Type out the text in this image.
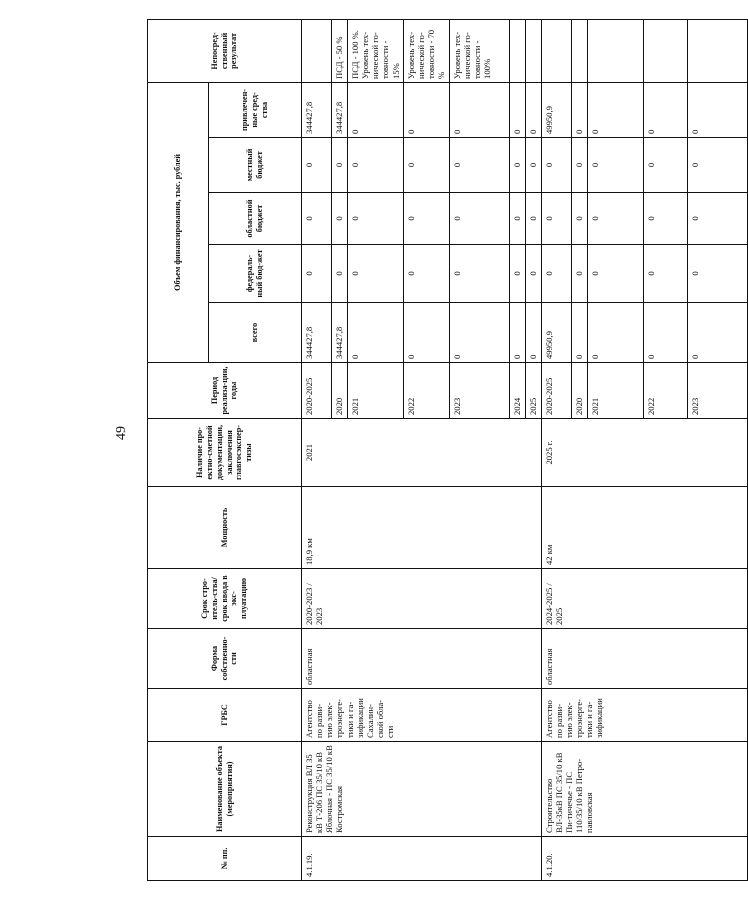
49
№ пп.	Наименование объекта (мероприятия)	ГРБС	Форма собственно-сти	Срок стро-итель-ства/срок ввода в экс-плуатацию	Мощность	Наличие про-ектно-сметной документации, заключения главгосэкспер-тизы	Период реализа-ции, годы	Объем финансирования, тыс. рублей					Непосред-ственный результат
								всего	федераль-ный бюд-жет	областной бюджет	местный бюджет	привлечен-ные сред-ства	
4.1.19.	Реконструкция ВЛ 35 кВ Т-206 ПС 35/10 кВ Яблочная - ПС 35/10 кВ Костромская	Агентство по разви-тию элек-троэнерге-тики и га-зификации Сахалин-ской обла-сти	областная	2020-2023 / 2023	18,9 км	2021	2020-2025	344427,8	0	0	0	344427,8	
							2020	344427,8	0	0	0	344427,8	ПСД - 50 %
							2021	0	0	0	0	0	ПСД - 100 %. Уровень тех-нической го-товности - 15%
							2022	0	0	0	0	0	Уровень тех-нической го-товности - 70 %
							2023	0	0	0	0	0	Уровень тех-нической го-товности - 100%
							2024	0	0	0	0	0	
							2025	0	0	0	0	0	
4.1.20.	Строительство ВЛ-35кВ ПС 35/10 кВ Пи-тичечье - ПС 110/35/10 кВ Петро-павловская	Агентство по разви-тию элек-троэнерге-тики и га-зификации	областная	2024-2025 / 2025	42 км	2025 г.	2020-2025	49950,9	0	0	0	49950,9	
							2020	0	0	0	0	0	
							2021	0	0	0	0	0	
							2022	0	0	0	0	0	
							2023	0	0	0	0	0	
